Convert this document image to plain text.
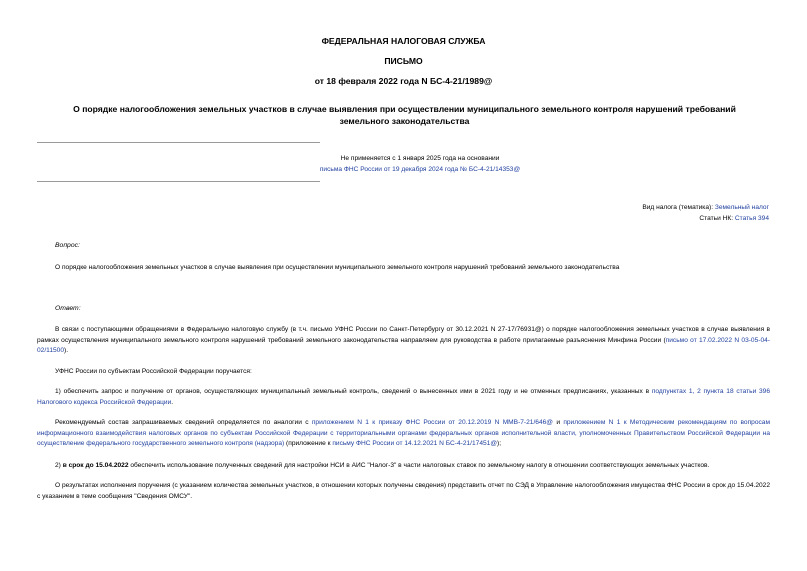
ФЕДЕРАЛЬНАЯ НАЛОГОВАЯ СЛУЖБА
ПИСЬМО
от 18 февраля 2022 года N БС-4-21/1989@
О порядке налогообложения земельных участков в случае выявления при осуществлении муниципального земельного контроля нарушений требований земельного законодательства
Не применяется с 1 января 2025 года на основании
письма ФНС России от 19 декабря 2024 года № БС-4-21/14353@
Вид налога (тематика): Земельный налог
Статьи НК: Статья 394
Вопрос:
О порядке налогообложения земельных участков в случае выявления при осуществлении муниципального земельного контроля нарушений требований земельного законодательства
Ответ:
В связи с поступающими обращениями в Федеральную налоговую службу (в т.ч. письмо УФНС России по Санкт-Петербургу от 30.12.2021 N 27-17/76931@) о порядке налогообложения земельных участков в случае выявления в рамках осуществления муниципального земельного контроля нарушений требований земельного законодательства направляем для руководства в работе прилагаемые разъяснения Минфина России (письмо от 17.02.2022 N 03-05-04-02/11500).
УФНС России по субъектам Российской Федерации поручается:
1) обеспечить запрос и получение от органов, осуществляющих муниципальный земельный контроль, сведений о вынесенных ими в 2021 году и не отменных предписаниях, указанных в подпунктах 1, 2 пункта 18 статьи 396 Налогового кодекса Российской Федерации.
Рекомендуемый состав запрашиваемых сведений определяется по аналогии с приложением N 1 к приказу ФНС России от 20.12.2019 N ММВ-7-21/646@ и приложением N 1 к Методическим рекомендациям по вопросам информационного взаимодействия налоговых органов по субъектам Российской Федерации с территориальными органами федеральных органов исполнительной власти, уполномоченных Правительством Российской Федерации на осуществление федерального государственного земельного контроля (надзора) (приложение к письму ФНС России от 14.12.2021 N БС-4-21/17451@);
2) в срок до 15.04.2022 обеспечить использование полученных сведений для настройки НСИ в АИС "Налог-3" в части налоговых ставок по земельному налогу в отношении соответствующих земельных участков.
О результатах исполнения поручения (с указанием количества земельных участков, в отношении которых получены сведения) представить отчет по СЭД в Управление налогообложения имущества ФНС России в срок до 15.04.2022 с указанием в теме сообщения "Сведения ОМСУ".
